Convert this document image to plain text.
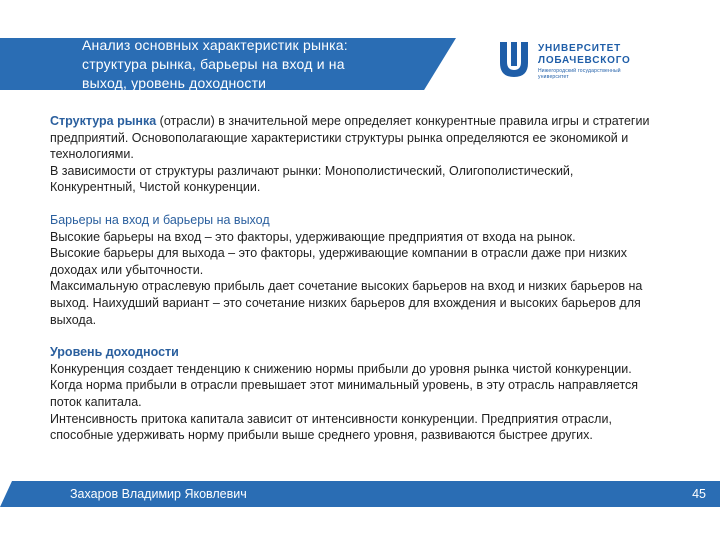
Анализ основных характеристик рынка:
структура рынка, барьеры на вход и на
выход, уровень доходности

УНИВЕРСИТЕТ
ЛОБАЧЕВСКОГО
Нижегородский государственный университет

Структура рынка (отрасли) в значительной мере определяет конкурентные правила игры и стратегии предприятий. Основополагающие характеристики структуры рынка определяются ее экономикой и технологиями.

В зависимости от структуры различают рынки: Монополистический, Олигополистический, Конкурентный, Чистой конкуренции.

Барьеры на вход и барьеры на выход

Высокие барьеры на вход – это факторы, удерживающие предприятия от входа на рынок.

Высокие барьеры для выхода – это факторы, удерживающие компании в отрасли даже при низких доходах или убыточности.

Максимальную отраслевую прибыль дает сочетание высоких барьеров на вход и низких барьеров на выход. Наихудший вариант – это сочетание низких барьеров для вхождения и высоких барьеров для выхода.

Уровень доходности

Конкуренция создает тенденцию к снижению нормы прибыли до уровня рынка чистой конкуренции. Когда норма прибыли в отрасли превышает этот минимальный уровень, в эту отрасль направляется поток капитала.

Интенсивность притока капитала зависит от интенсивности конкуренции. Предприятия отрасли, способные удерживать норму прибыли выше среднего уровня, развиваются быстрее других.

Захаров Владимир Яковлевич	45
